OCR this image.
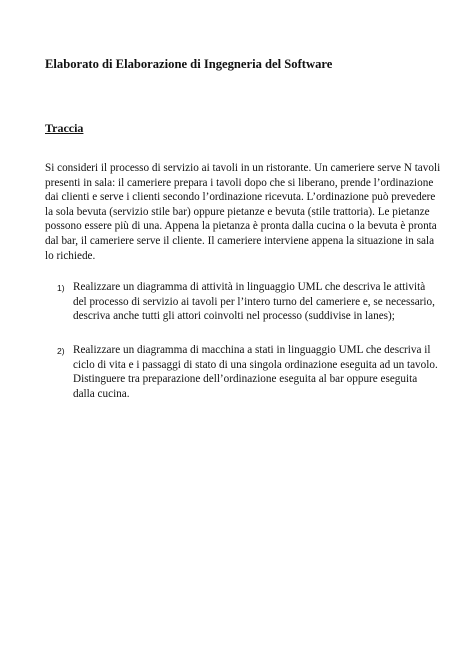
Elaborato di Elaborazione di Ingegneria del Software
Traccia
Si consideri il processo di servizio ai tavoli in un ristorante. Un cameriere serve N tavoli
presenti in sala: il cameriere prepara i tavoli dopo che si liberano, prende l’ordinazione
dai clienti e serve i clienti secondo l’ordinazione ricevuta. L’ordinazione può prevedere
la sola bevuta (servizio stile bar) oppure pietanze e bevuta (stile trattoria). Le pietanze
possono essere più di una. Appena la pietanza è pronta dalla cucina o la bevuta è pronta
dal bar, il cameriere serve il cliente. Il cameriere interviene appena la situazione in sala
lo richiede.
1) Realizzare un diagramma di attività in linguaggio UML che descriva le attività
del processo di servizio ai tavoli per l’intero turno del cameriere e, se necessario,
descriva anche tutti gli attori coinvolti nel processo (suddivise in lanes);
2) Realizzare un diagramma di macchina a stati in linguaggio UML che descriva il
ciclo di vita e i passaggi di stato di una singola ordinazione eseguita ad un tavolo.
Distinguere tra preparazione dell’ordinazione eseguita al bar oppure eseguita
dalla cucina.
